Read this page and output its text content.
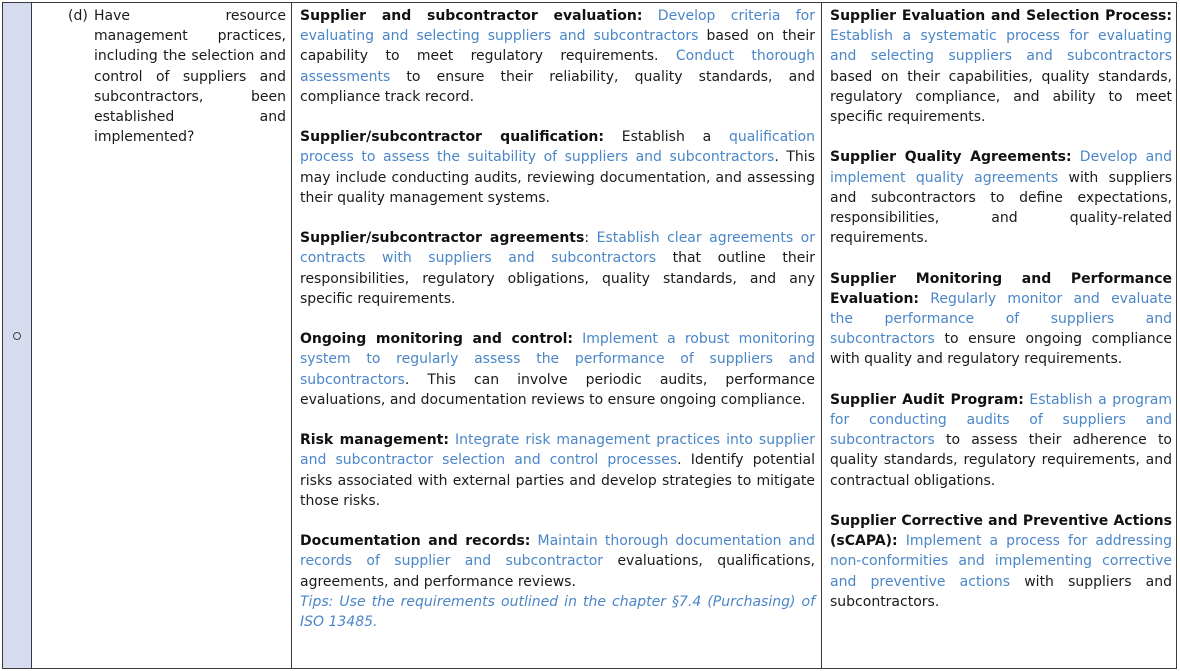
(d) Have resource management practices, including the selection and control of suppliers and subcontractors, been established and implemented?

Supplier and subcontractor evaluation: Develop criteria for evaluating and selecting suppliers and subcontractors based on their capability to meet regulatory requirements. Conduct thorough assessments to ensure their reliability, quality standards, and compliance track record.

Supplier/subcontractor qualification: Establish a qualification process to assess the suitability of suppliers and subcontractors. This may include conducting audits, reviewing documentation, and assessing their quality management systems.

Supplier/subcontractor agreements: Establish clear agreements or contracts with suppliers and subcontractors that outline their responsibilities, regulatory obligations, quality standards, and any specific requirements.

Ongoing monitoring and control: Implement a robust monitoring system to regularly assess the performance of suppliers and subcontractors. This can involve periodic audits, performance evaluations, and documentation reviews to ensure ongoing compliance.

Risk management: Integrate risk management practices into supplier and subcontractor selection and control processes. Identify potential risks associated with external parties and develop strategies to mitigate those risks.

Documentation and records: Maintain thorough documentation and records of supplier and subcontractor evaluations, qualifications, agreements, and performance reviews.

Tips: Use the requirements outlined in the chapter §7.4 (Purchasing) of ISO 13485.

Supplier Evaluation and Selection Process: Establish a systematic process for evaluating and selecting suppliers and subcontractors based on their capabilities, quality standards, regulatory compliance, and ability to meet specific requirements.

Supplier Quality Agreements: Develop and implement quality agreements with suppliers and subcontractors to define expectations, responsibilities, and quality-related requirements.

Supplier Monitoring and Performance Evaluation: Regularly monitor and evaluate the performance of suppliers and subcontractors to ensure ongoing compliance with quality and regulatory requirements.

Supplier Audit Program: Establish a program for conducting audits of suppliers and subcontractors to assess their adherence to quality standards, regulatory requirements, and contractual obligations.

Supplier Corrective and Preventive Actions (sCAPA): Implement a process for addressing non-conformities and implementing corrective and preventive actions with suppliers and subcontractors.
